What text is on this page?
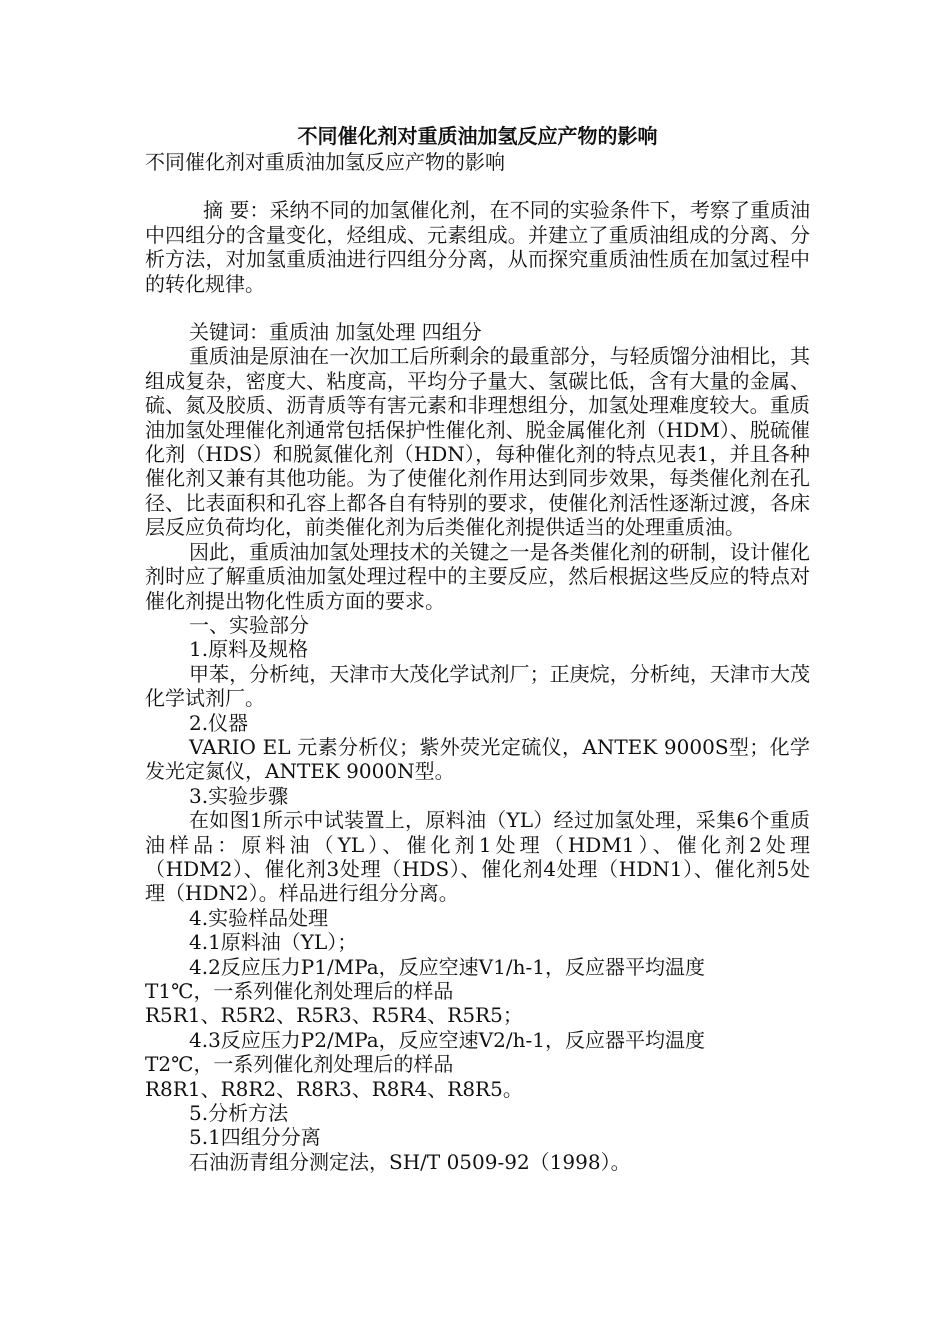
不同催化剂对重质油加氢反应产物的影响
不同催化剂对重质油加氢反应产物的影响
摘 要：采纳不同的加氢催化剂，在不同的实验条件下，考察了重质油中四组分的含量变化，烃组成、元素组成。并建立了重质油组成的分离、分析方法，对加氢重质油进行四组分分离，从而探究重质油性质在加氢过程中的转化规律。
关键词：重质油 加氢处理 四组分
重质油是原油在一次加工后所剩余的最重部分，与轻质馏分油相比，其组成复杂，密度大、粘度高，平均分子量大、氢碳比低，含有大量的金属、硫、氮及胶质、沥青质等有害元素和非理想组分，加氢处理难度较大。重质油加氢处理催化剂通常包括保护性催化剂、脱金属催化剂（HDM）、脱硫催化剂（HDS）和脱氮催化剂（HDN），每种催化剂的特点见表1，并且各种催化剂又兼有其他功能。为了使催化剂作用达到同步效果，每类催化剂在孔径、比表面积和孔容上都各自有特别的要求，使催化剂活性逐渐过渡，各床层反应负荷均化，前类催化剂为后类催化剂提供适当的处理重质油。
因此，重质油加氢处理技术的关键之一是各类催化剂的研制，设计催化剂时应了解重质油加氢处理过程中的主要反应，然后根据这些反应的特点对催化剂提出物化性质方面的要求。
一、实验部分
1.原料及规格
甲苯，分析纯，天津市大茂化学试剂厂；正庚烷，分析纯，天津市大茂化学试剂厂。
2.仪器
VARIO EL 元素分析仪；紫外荧光定硫仪，ANTEK 9000S型；化学发光定氮仪，ANTEK 9000N型。
3.实验步骤
在如图1所示中试装置上，原料油（YL）经过加氢处理，采集6个重质油样品：原料油（YL）、催化剂1处理（HDM1）、催化剂2处理（HDM2）、催化剂3处理（HDS）、催化剂4处理（HDN1）、催化剂5处理（HDN2）。样品进行组分分离。
4.实验样品处理
4.1原料油（YL）；
4.2反应压力P1/MPa，反应空速V1/h-1，反应器平均温度
T1℃，一系列催化剂处理后的样品
R5R1、R5R2、R5R3、R5R4、R5R5；
4.3反应压力P2/MPa，反应空速V2/h-1，反应器平均温度
T2℃，一系列催化剂处理后的样品
R8R1、R8R2、R8R3、R8R4、R8R5。
5.分析方法
5.1四组分分离
石油沥青组分测定法，SH/T 0509-92（1998）。
